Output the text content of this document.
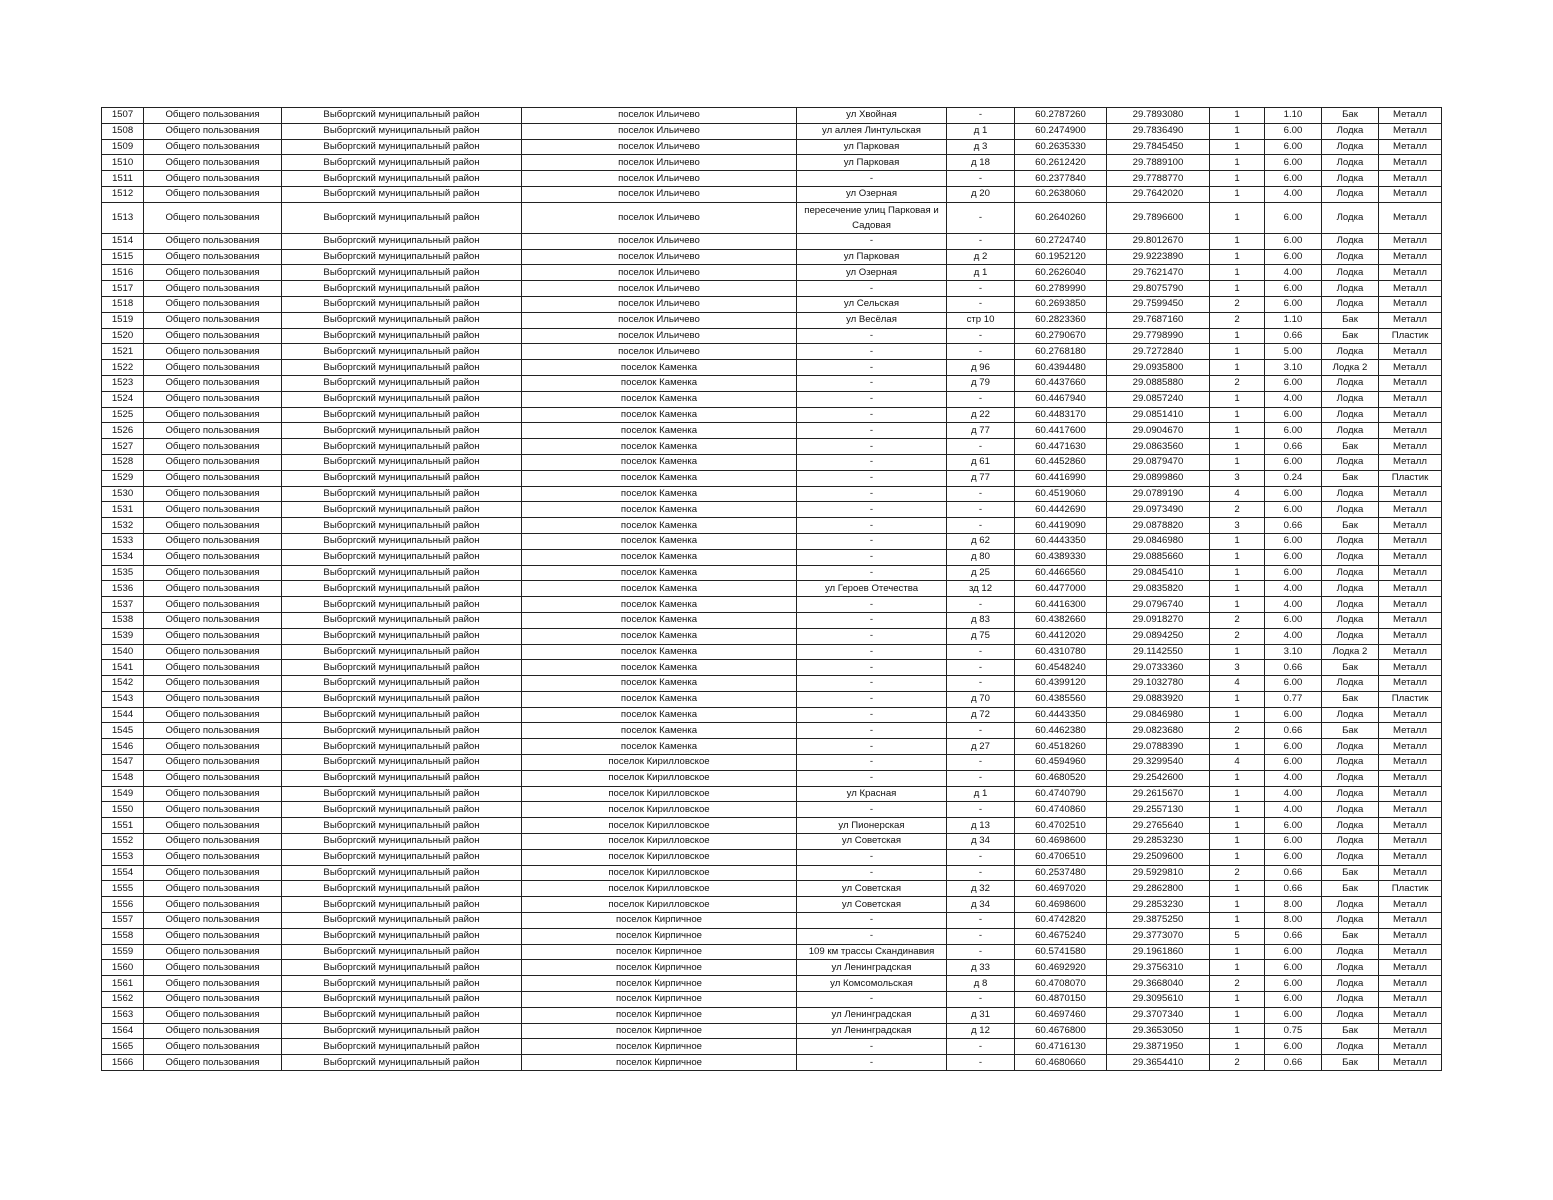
1507	Общего пользования	Выборгский муниципальный район	поселок Ильичево	ул Хвойная	-	60.2787260	29.7893080	1	1.10	Бак	Металл
1508	Общего пользования	Выборгский муниципальный район	поселок Ильичево	ул аллея Линтульская	д 1	60.2474900	29.7836490	1	6.00	Лодка	Металл
1509	Общего пользования	Выборгский муниципальный район	поселок Ильичево	ул Парковая	д 3	60.2635330	29.7845450	1	6.00	Лодка	Металл
1510	Общего пользования	Выборгский муниципальный район	поселок Ильичево	ул Парковая	д 18	60.2612420	29.7889100	1	6.00	Лодка	Металл
1511	Общего пользования	Выборгский муниципальный район	поселок Ильичево	-	-	60.2377840	29.7788770	1	6.00	Лодка	Металл
1512	Общего пользования	Выборгский муниципальный район	поселок Ильичево	ул Озерная	д 20	60.2638060	29.7642020	1	4.00	Лодка	Металл
1513	Общего пользования	Выборгский муниципальный район	поселок Ильичево	пересечение улиц Парковая и Садовая	-	60.2640260	29.7896600	1	6.00	Лодка	Металл
1514	Общего пользования	Выборгский муниципальный район	поселок Ильичево	-	-	60.2724740	29.8012670	1	6.00	Лодка	Металл
1515	Общего пользования	Выборгский муниципальный район	поселок Ильичево	ул Парковая	д 2	60.1952120	29.9223890	1	6.00	Лодка	Металл
1516	Общего пользования	Выборгский муниципальный район	поселок Ильичево	ул Озерная	д 1	60.2626040	29.7621470	1	4.00	Лодка	Металл
1517	Общего пользования	Выборгский муниципальный район	поселок Ильичево	-	-	60.2789990	29.8075790	1	6.00	Лодка	Металл
1518	Общего пользования	Выборгский муниципальный район	поселок Ильичево	ул Сельская	-	60.2693850	29.7599450	2	6.00	Лодка	Металл
1519	Общего пользования	Выборгский муниципальный район	поселок Ильичево	ул Весёлая	стр 10	60.2823360	29.7687160	2	1.10	Бак	Металл
1520	Общего пользования	Выборгский муниципальный район	поселок Ильичево	-	-	60.2790670	29.7798990	1	0.66	Бак	Пластик
1521	Общего пользования	Выборгский муниципальный район	поселок Ильичево	-	-	60.2768180	29.7272840	1	5.00	Лодка	Металл
1522	Общего пользования	Выборгский муниципальный район	поселок Каменка	-	д 96	60.4394480	29.0935800	1	3.10	Лодка 2	Металл
1523	Общего пользования	Выборгский муниципальный район	поселок Каменка	-	д 79	60.4437660	29.0885880	2	6.00	Лодка	Металл
1524	Общего пользования	Выборгский муниципальный район	поселок Каменка	-	-	60.4467940	29.0857240	1	4.00	Лодка	Металл
1525	Общего пользования	Выборгский муниципальный район	поселок Каменка	-	д 22	60.4483170	29.0851410	1	6.00	Лодка	Металл
1526	Общего пользования	Выборгский муниципальный район	поселок Каменка	-	д 77	60.4417600	29.0904670	1	6.00	Лодка	Металл
1527	Общего пользования	Выборгский муниципальный район	поселок Каменка	-	-	60.4471630	29.0863560	1	0.66	Бак	Металл
1528	Общего пользования	Выборгский муниципальный район	поселок Каменка	-	д 61	60.4452860	29.0879470	1	6.00	Лодка	Металл
1529	Общего пользования	Выборгский муниципальный район	поселок Каменка	-	д 77	60.4416990	29.0899860	3	0.24	Бак	Пластик
1530	Общего пользования	Выборгский муниципальный район	поселок Каменка	-	-	60.4519060	29.0789190	4	6.00	Лодка	Металл
1531	Общего пользования	Выборгский муниципальный район	поселок Каменка	-	-	60.4442690	29.0973490	2	6.00	Лодка	Металл
1532	Общего пользования	Выборгский муниципальный район	поселок Каменка	-	-	60.4419090	29.0878820	3	0.66	Бак	Металл
1533	Общего пользования	Выборгский муниципальный район	поселок Каменка	-	д 62	60.4443350	29.0846980	1	6.00	Лодка	Металл
1534	Общего пользования	Выборгский муниципальный район	поселок Каменка	-	д 80	60.4389330	29.0885660	1	6.00	Лодка	Металл
1535	Общего пользования	Выборгский муниципальный район	поселок Каменка	-	д 25	60.4466560	29.0845410	1	6.00	Лодка	Металл
1536	Общего пользования	Выборгский муниципальный район	поселок Каменка	ул Героев Отечества	зд 12	60.4477000	29.0835820	1	4.00	Лодка	Металл
1537	Общего пользования	Выборгский муниципальный район	поселок Каменка	-	-	60.4416300	29.0796740	1	4.00	Лодка	Металл
1538	Общего пользования	Выборгский муниципальный район	поселок Каменка	-	д 83	60.4382660	29.0918270	2	6.00	Лодка	Металл
1539	Общего пользования	Выборгский муниципальный район	поселок Каменка	-	д 75	60.4412020	29.0894250	2	4.00	Лодка	Металл
1540	Общего пользования	Выборгский муниципальный район	поселок Каменка	-	-	60.4310780	29.1142550	1	3.10	Лодка 2	Металл
1541	Общего пользования	Выборгский муниципальный район	поселок Каменка	-	-	60.4548240	29.0733360	3	0.66	Бак	Металл
1542	Общего пользования	Выборгский муниципальный район	поселок Каменка	-	-	60.4399120	29.1032780	4	6.00	Лодка	Металл
1543	Общего пользования	Выборгский муниципальный район	поселок Каменка	-	д 70	60.4385560	29.0883920	1	0.77	Бак	Пластик
1544	Общего пользования	Выборгский муниципальный район	поселок Каменка	-	д 72	60.4443350	29.0846980	1	6.00	Лодка	Металл
1545	Общего пользования	Выборгский муниципальный район	поселок Каменка	-	-	60.4462380	29.0823680	2	0.66	Бак	Металл
1546	Общего пользования	Выборгский муниципальный район	поселок Каменка	-	д 27	60.4518260	29.0788390	1	6.00	Лодка	Металл
1547	Общего пользования	Выборгский муниципальный район	поселок Кирилловское	-	-	60.4594960	29.3299540	4	6.00	Лодка	Металл
1548	Общего пользования	Выборгский муниципальный район	поселок Кирилловское	-	-	60.4680520	29.2542600	1	4.00	Лодка	Металл
1549	Общего пользования	Выборгский муниципальный район	поселок Кирилловское	ул Красная	д 1	60.4740790	29.2615670	1	4.00	Лодка	Металл
1550	Общего пользования	Выборгский муниципальный район	поселок Кирилловское	-	-	60.4740860	29.2557130	1	4.00	Лодка	Металл
1551	Общего пользования	Выборгский муниципальный район	поселок Кирилловское	ул Пионерская	д 13	60.4702510	29.2765640	1	6.00	Лодка	Металл
1552	Общего пользования	Выборгский муниципальный район	поселок Кирилловское	ул Советская	д 34	60.4698600	29.2853230	1	6.00	Лодка	Металл
1553	Общего пользования	Выборгский муниципальный район	поселок Кирилловское	-	-	60.4706510	29.2509600	1	6.00	Лодка	Металл
1554	Общего пользования	Выборгский муниципальный район	поселок Кирилловское	-	-	60.2537480	29.5929810	2	0.66	Бак	Металл
1555	Общего пользования	Выборгский муниципальный район	поселок Кирилловское	ул Советская	д 32	60.4697020	29.2862800	1	0.66	Бак	Пластик
1556	Общего пользования	Выборгский муниципальный район	поселок Кирилловское	ул Советская	д 34	60.4698600	29.2853230	1	8.00	Лодка	Металл
1557	Общего пользования	Выборгский муниципальный район	поселок Кирпичное	-	-	60.4742820	29.3875250	1	8.00	Лодка	Металл
1558	Общего пользования	Выборгский муниципальный район	поселок Кирпичное	-	-	60.4675240	29.3773070	5	0.66	Бак	Металл
1559	Общего пользования	Выборгский муниципальный район	поселок Кирпичное	109 км трассы Скандинавия	-	60.5741580	29.1961860	1	6.00	Лодка	Металл
1560	Общего пользования	Выборгский муниципальный район	поселок Кирпичное	ул Ленинградская	д 33	60.4692920	29.3756310	1	6.00	Лодка	Металл
1561	Общего пользования	Выборгский муниципальный район	поселок Кирпичное	ул Комсомольская	д 8	60.4708070	29.3668040	2	6.00	Лодка	Металл
1562	Общего пользования	Выборгский муниципальный район	поселок Кирпичное	-	-	60.4870150	29.3095610	1	6.00	Лодка	Металл
1563	Общего пользования	Выборгский муниципальный район	поселок Кирпичное	ул Ленинградская	д 31	60.4697460	29.3707340	1	6.00	Лодка	Металл
1564	Общего пользования	Выборгский муниципальный район	поселок Кирпичное	ул Ленинградская	д 12	60.4676800	29.3653050	1	0.75	Бак	Металл
1565	Общего пользования	Выборгский муниципальный район	поселок Кирпичное	-	-	60.4716130	29.3871950	1	6.00	Лодка	Металл
1566	Общего пользования	Выборгский муниципальный район	поселок Кирпичное	-	-	60.4680660	29.3654410	2	0.66	Бак	Металл
